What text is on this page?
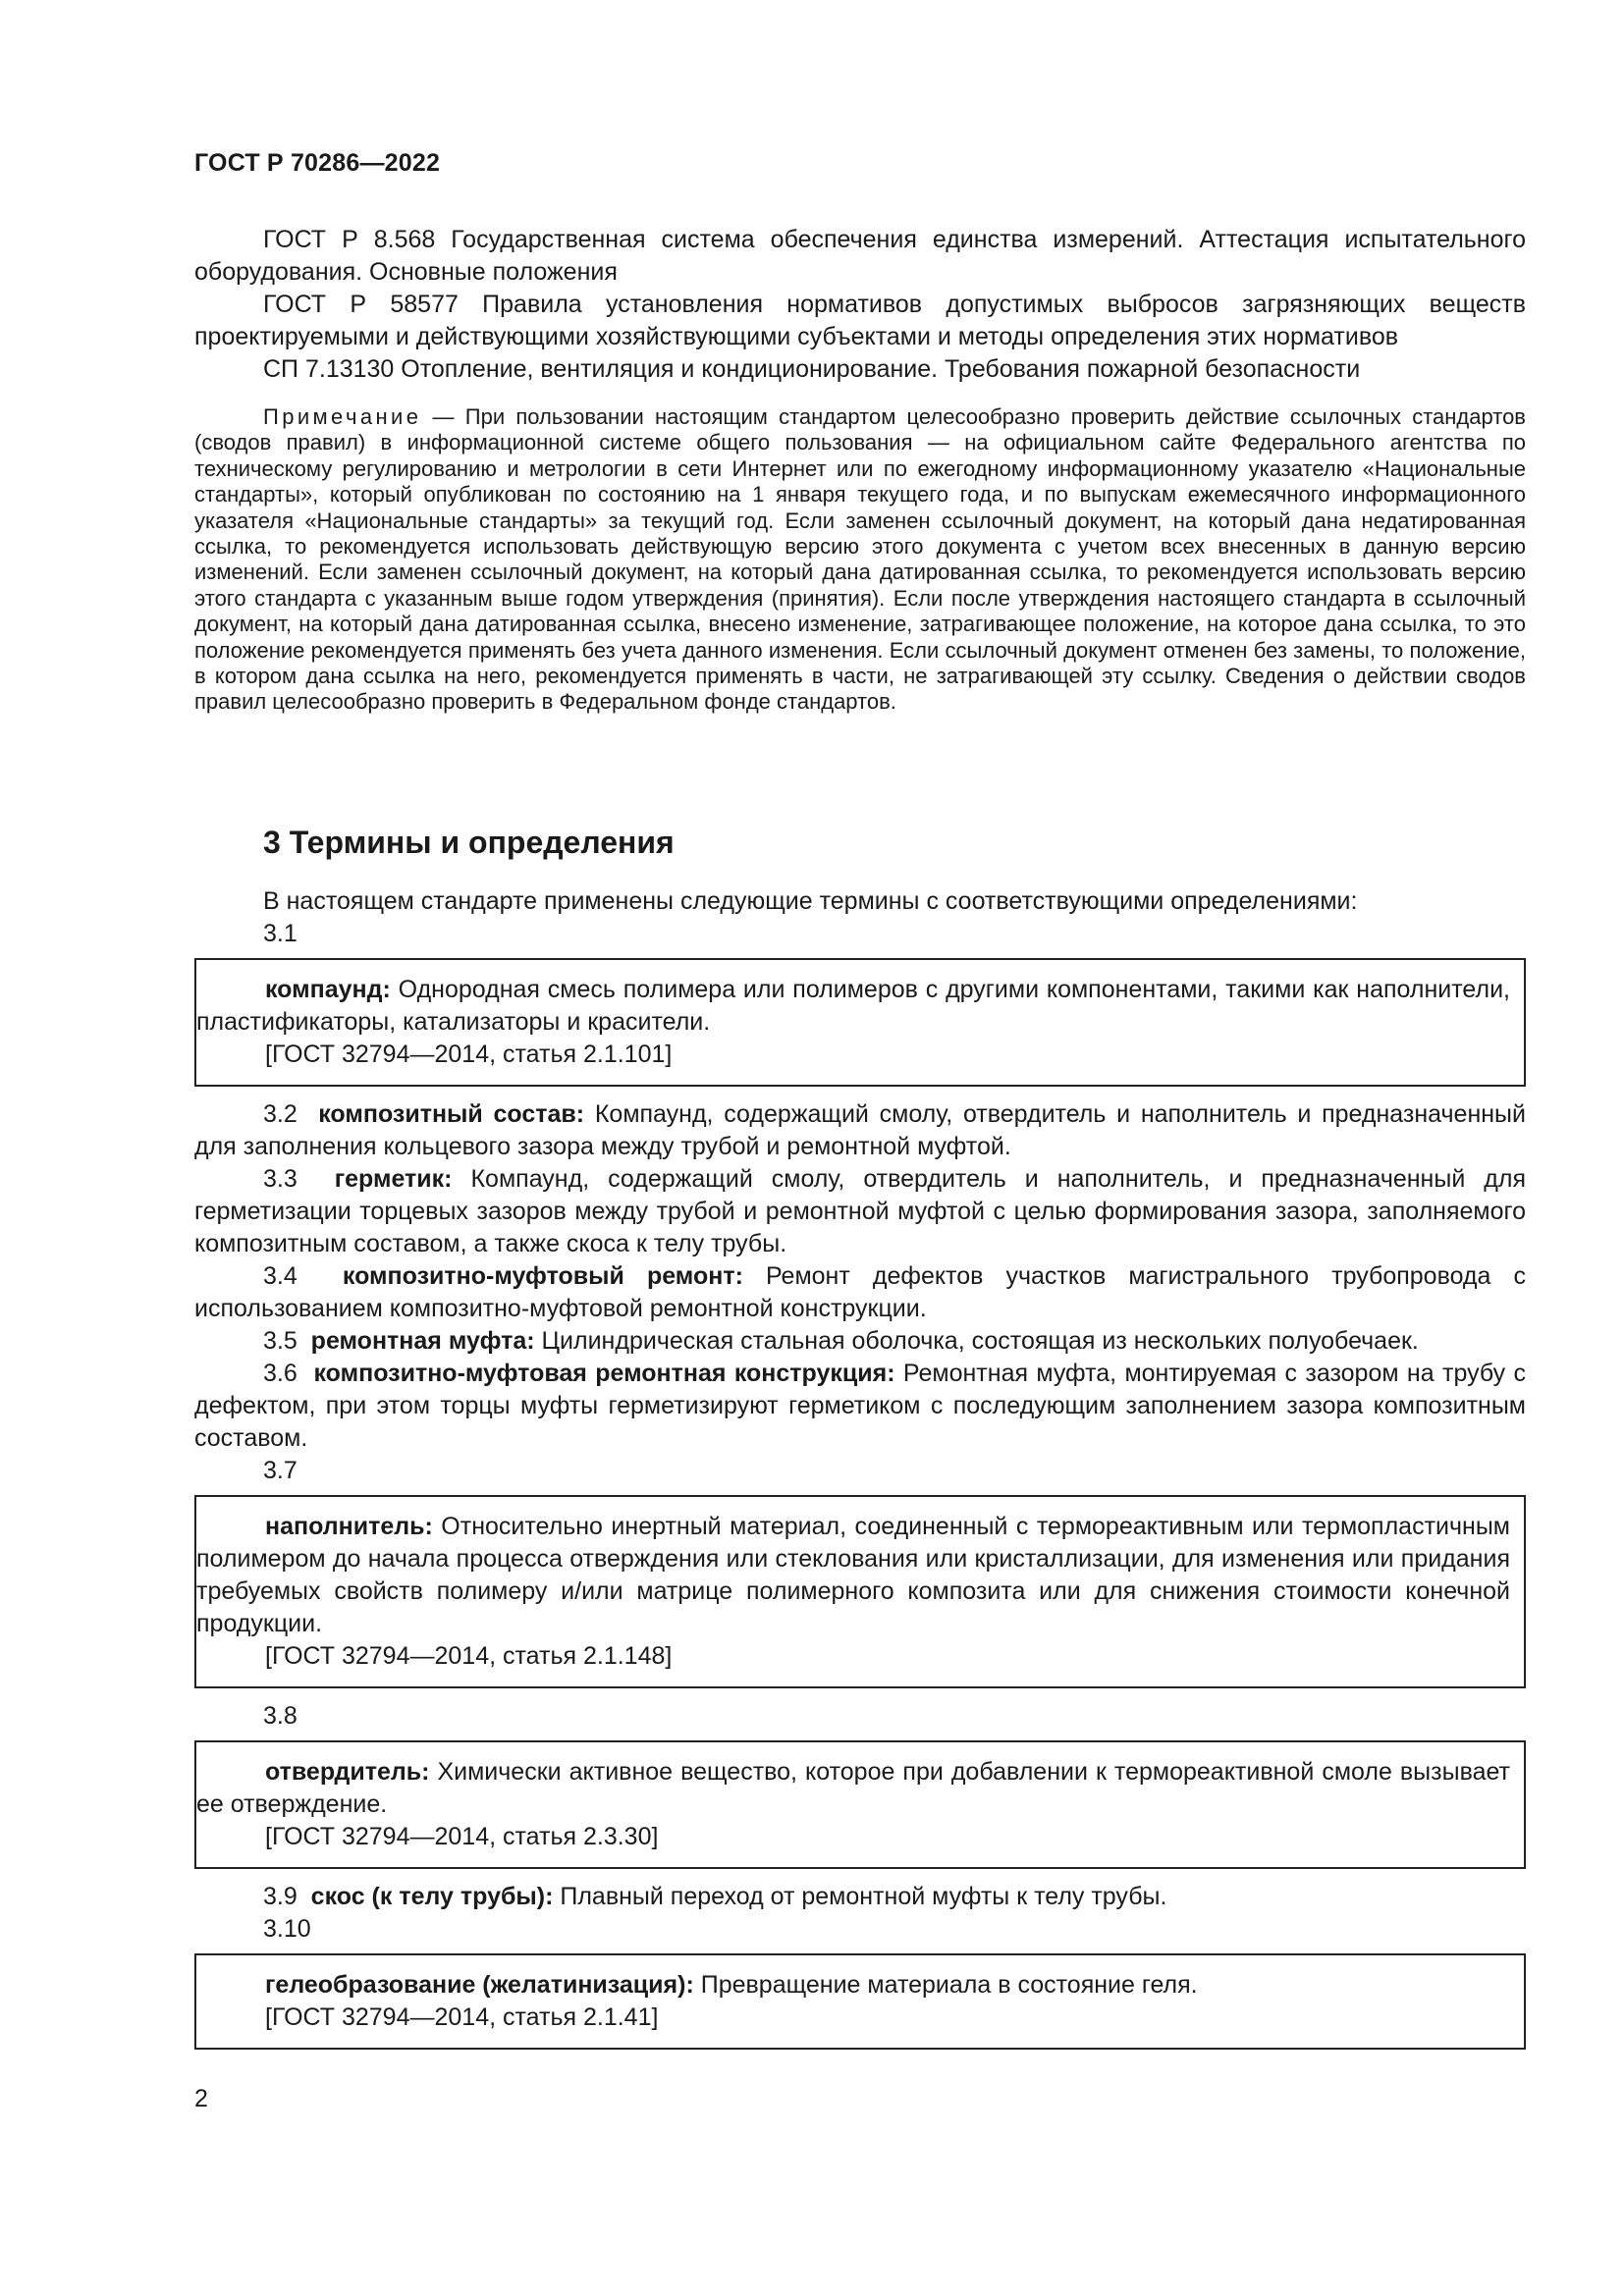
ГОСТ Р 70286—2022

ГОСТ Р 8.568 Государственная система обеспечения единства измерений. Аттестация испытательного оборудования. Основные положения

ГОСТ Р 58577 Правила установления нормативов допустимых выбросов загрязняющих веществ проектируемыми и действующими хозяйствующими субъектами и методы определения этих нормативов

СП 7.13130 Отопление, вентиляция и кондиционирование. Требования пожарной безопасности

Примечание — При пользовании настоящим стандартом целесообразно проверить действие ссылочных стандартов (сводов правил) в информационной системе общего пользования — на официальном сайте Федерального агентства по техническому регулированию и метрологии в сети Интернет или по ежегодному информационному указателю «Национальные стандарты», который опубликован по состоянию на 1 января текущего года, и по выпускам ежемесячного информационного указателя «Национальные стандарты» за текущий год. Если заменен ссылочный документ, на который дана недатированная ссылка, то рекомендуется использовать действующую версию этого документа с учетом всех внесенных в данную версию изменений. Если заменен ссылочный документ, на который дана датированная ссылка, то рекомендуется использовать версию этого стандарта с указанным выше годом утверждения (принятия). Если после утверждения настоящего стандарта в ссылочный документ, на который дана датированная ссылка, внесено изменение, затрагивающее положение, на которое дана ссылка, то это положение рекомендуется применять без учета данного изменения. Если ссылочный документ отменен без замены, то положение, в котором дана ссылка на него, рекомендуется применять в части, не затрагивающей эту ссылку. Сведения о действии сводов правил целесообразно проверить в Федеральном фонде стандартов.

3 Термины и определения

В настоящем стандарте применены следующие термины с соответствующими определениями:

3.1

компаунд: Однородная смесь полимера или полимеров с другими компонентами, такими как наполнители, пластификаторы, катализаторы и красители.

[ГОСТ 32794—2014, статья 2.1.101]

3.2 композитный состав: Компаунд, содержащий смолу, отвердитель и наполнитель и предназначенный для заполнения кольцевого зазора между трубой и ремонтной муфтой.

3.3 герметик: Компаунд, содержащий смолу, отвердитель и наполнитель, и предназначенный для герметизации торцевых зазоров между трубой и ремонтной муфтой с целью формирования зазора, заполняемого композитным составом, а также скоса к телу трубы.

3.4 композитно-муфтовый ремонт: Ремонт дефектов участков магистрального трубопровода с использованием композитно-муфтовой ремонтной конструкции.

3.5 ремонтная муфта: Цилиндрическая стальная оболочка, состоящая из нескольких полуобечаек.

3.6 композитно-муфтовая ремонтная конструкция: Ремонтная муфта, монтируемая с зазором на трубу с дефектом, при этом торцы муфты герметизируют герметиком с последующим заполнением зазора композитным составом.

3.7

наполнитель: Относительно инертный материал, соединенный с термореактивным или термопластичным полимером до начала процесса отверждения или стеклования или кристаллизации, для изменения или придания требуемых свойств полимеру и/или матрице полимерного композита или для снижения стоимости конечной продукции.

[ГОСТ 32794—2014, статья 2.1.148]

3.8

отвердитель: Химически активное вещество, которое при добавлении к термореактивной смоле вызывает ее отверждение.

[ГОСТ 32794—2014, статья 2.3.30]

3.9 скос (к телу трубы): Плавный переход от ремонтной муфты к телу трубы.

3.10

гелеобразование (желатинизация): Превращение материала в состояние геля.

[ГОСТ 32794—2014, статья 2.1.41]

2
